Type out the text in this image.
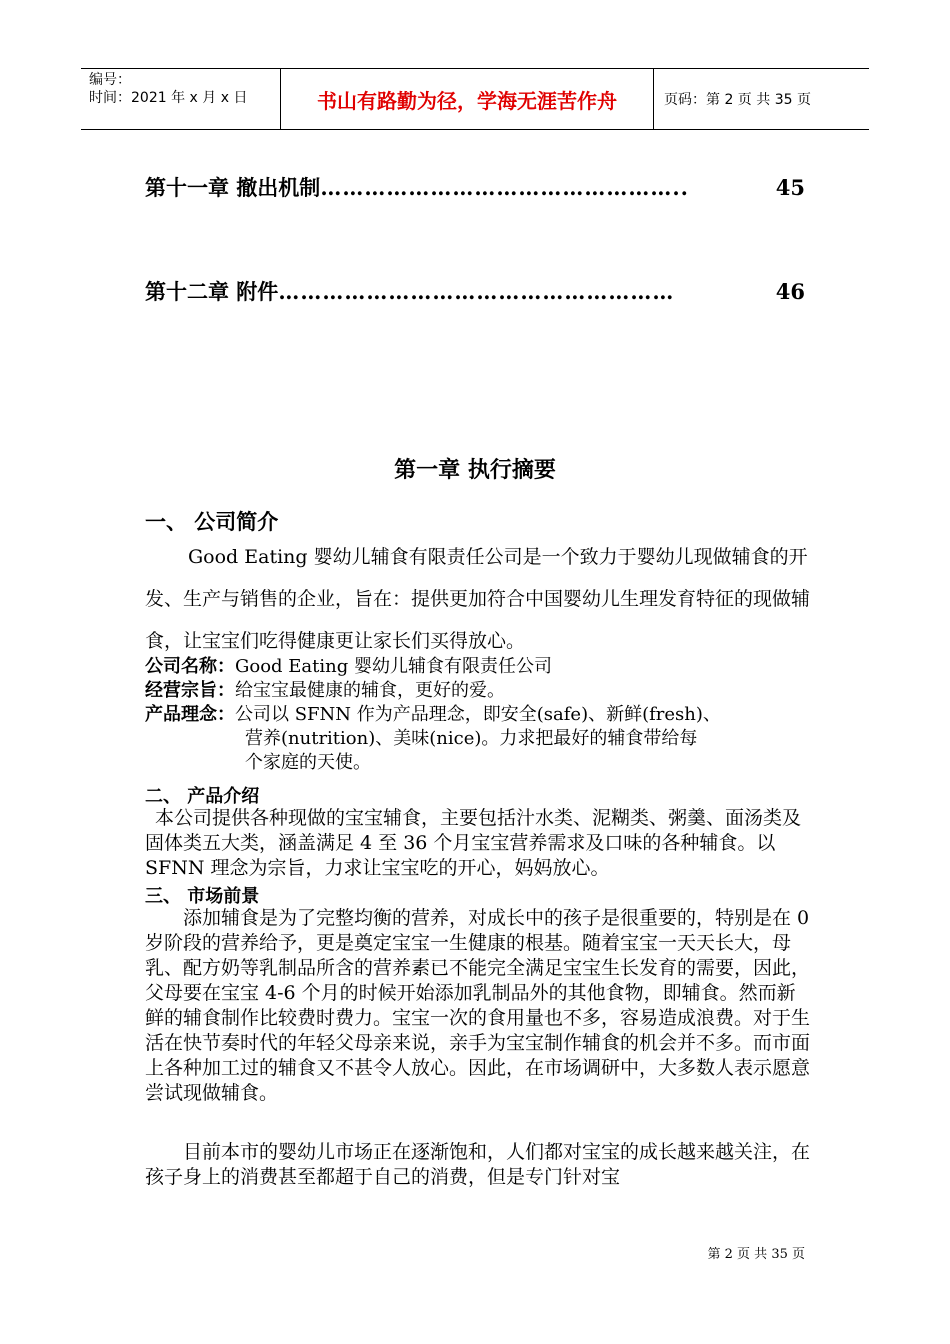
编号：
时间：2021 年 x 月 x 日	书山有路勤为径，学海无涯苦作舟	页码：第 2 页 共 35 页
第十一章 撤出机制 …………………………………………..	45
第十二章 附件 ………………………………………………	46
第一章 执行摘要
一、 公司简介
Good Eating 婴幼儿辅食有限责任公司是一个致力于婴幼儿现做辅食的开发、生产与销售的企业，旨在：提供更加符合中国婴幼儿生理发育特征的现做辅食，让宝宝们吃得健康更让家长们买得放心。
公司名称：Good Eating 婴幼儿辅食有限责任公司
经营宗旨：给宝宝最健康的辅食，更好的爱。
产品理念：公司以 SFNN 作为产品理念，即安全(safe)、新鲜(fresh)、
营养(nutrition)、美味(nice)。力求把最好的辅食带给每
个家庭的天使。
二、 产品介绍
本公司提供各种现做的宝宝辅食，主要包括汁水类、泥糊类、粥羹、面汤类及固体类五大类，涵盖满足 4 至 36 个月宝宝营养需求及口味的各种辅食。以 SFNN 理念为宗旨，力求让宝宝吃的开心，妈妈放心。
三、 市场前景
添加辅食是为了完整均衡的营养，对成长中的孩子是很重要的，特别是在 0 岁阶段的营养给予，更是奠定宝宝一生健康的根基。随着宝宝一天天长大，母乳、配方奶等乳制品所含的营养素已不能完全满足宝宝生长发育的需要，因此，父母要在宝宝 4-6 个月的时候开始添加乳制品外的其他食物，即辅食。然而新鲜的辅食制作比较费时费力。宝宝一次的食用量也不多，容易造成浪费。对于生活在快节奏时代的年轻父母亲来说，亲手为宝宝制作辅食的机会并不多。而市面上各种加工过的辅食又不甚令人放心。因此，在市场调研中，大多数人表示愿意尝试现做辅食。
目前本市的婴幼儿市场正在逐渐饱和，人们都对宝宝的成长越来越关注，在孩子身上的消费甚至都超于自己的消费，但是专门针对宝
第 2 页 共 35 页
